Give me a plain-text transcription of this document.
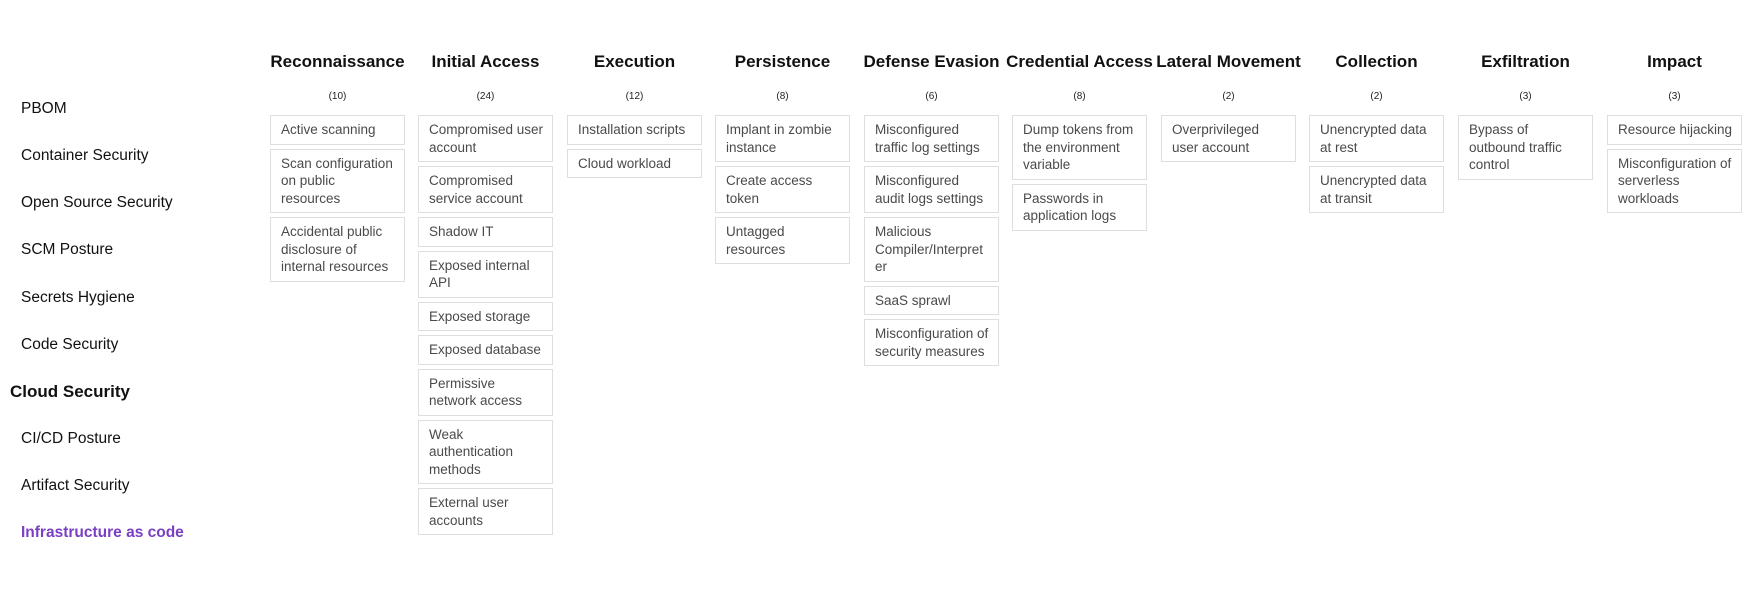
PBOM
Container Security
Open Source Security
SCM Posture
Secrets Hygiene
Code Security
Cloud Security
CI/CD Posture
Artifact Security
Infrastructure as code
Reconnaissance
(10)
Active scanning
Scan configuration on public resources
Accidental public disclosure of internal resources
Initial Access
(24)
Compromised user account
Compromised service account
Shadow IT
Exposed internal API
Exposed storage
Exposed database
Permissive network access
Weak authentication methods
External user accounts
Execution
(12)
Installation scripts
Cloud workload
Persistence
(8)
Implant in zombie instance
Create access token
Untagged resources
Defense Evasion
(6)
Misconfigured traffic log settings
Misconfigured audit logs settings
Malicious Compiler/Interpreter
SaaS sprawl
Misconfiguration of security measures
Credential Access
(8)
Dump tokens from the environment variable
Passwords in application logs
Lateral Movement
(2)
Overprivileged user account
Collection
(2)
Unencrypted data at rest
Unencrypted data at transit
Exfiltration
(3)
Bypass of outbound traffic control
Impact
(3)
Resource hijacking
Misconfiguration of serverless workloads
